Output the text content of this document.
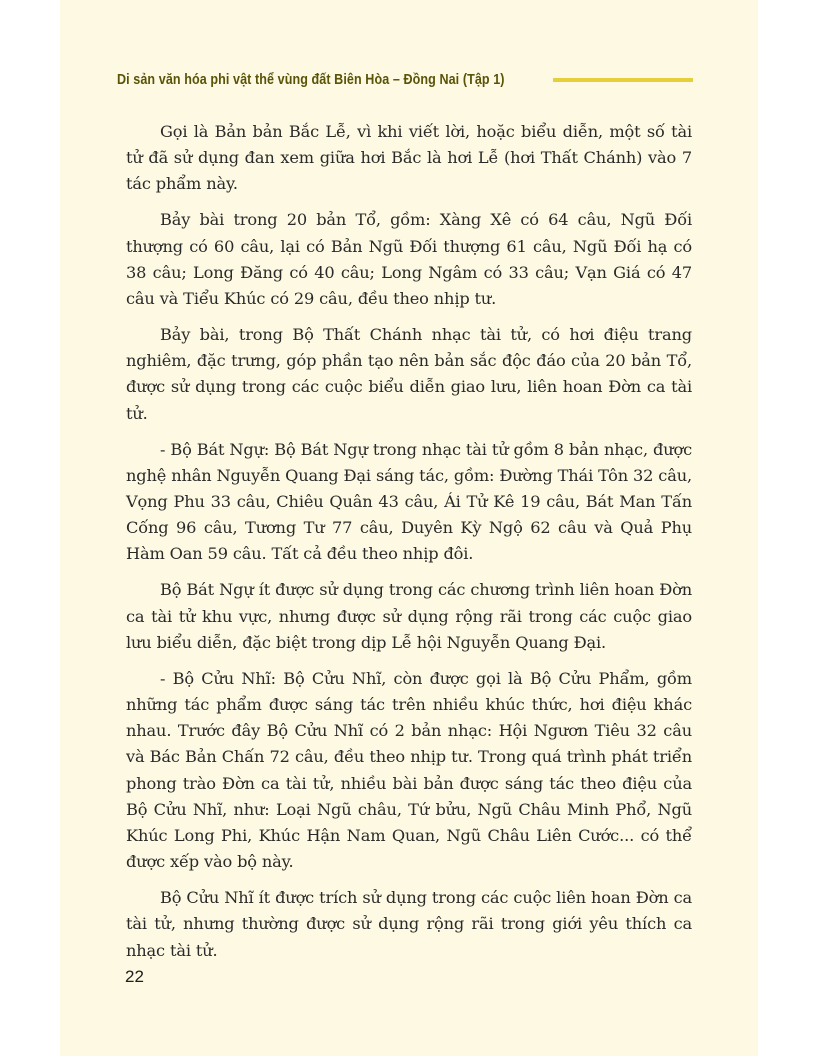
Di sản văn hóa phi vật thể vùng đất Biên Hòa – Đồng Nai (Tập 1)

Gọi là Bản bản Bắc Lễ, vì khi viết lời, hoặc biểu diễn, một số tài tử đã sử dụng đan xem giữa hơi Bắc là hơi Lễ (hơi Thất Chánh) vào 7 tác phẩm này.

Bảy bài trong 20 bản Tổ, gồm: Xàng Xê có 64 câu, Ngũ Đối thượng có 60 câu, lại có Bản Ngũ Đối thượng 61 câu, Ngũ Đối hạ có 38 câu; Long Đăng có 40 câu; Long Ngâm có 33 câu; Vạn Giá có 47 câu và Tiểu Khúc có 29 câu, đều theo nhịp tư.

Bảy bài, trong Bộ Thất Chánh nhạc tài tử, có hơi điệu trang nghiêm, đặc trưng, góp phần tạo nên bản sắc độc đáo của 20 bản Tổ, được sử dụng trong các cuộc biểu diễn giao lưu, liên hoan Đờn ca tài tử.

- Bộ Bát Ngự: Bộ Bát Ngự trong nhạc tài tử gồm 8 bản nhạc, được nghệ nhân Nguyễn Quang Đại sáng tác, gồm: Đường Thái Tôn 32 câu, Vọng Phu 33 câu, Chiêu Quân 43 câu, Ái Tử Kê 19 câu, Bát Man Tấn Cống 96 câu, Tương Tư 77 câu, Duyên Kỳ Ngộ 62 câu và Quả Phụ Hàm Oan 59 câu. Tất cả đều theo nhịp đôi.

Bộ Bát Ngự ít được sử dụng trong các chương trình liên hoan Đờn ca tài tử khu vực, nhưng được sử dụng rộng rãi trong các cuộc giao lưu biểu diễn, đặc biệt trong dịp Lễ hội Nguyễn Quang Đại.

- Bộ Cửu Nhĩ: Bộ Cửu Nhĩ, còn được gọi là Bộ Cửu Phẩm, gồm những tác phẩm được sáng tác trên nhiều khúc thức, hơi điệu khác nhau. Trước đây Bộ Cửu Nhĩ có 2 bản nhạc: Hội Ngươn Tiêu 32 câu và Bác Bản Chấn 72 câu, đều theo nhịp tư. Trong quá trình phát triển phong trào Đờn ca tài tử, nhiều bài bản được sáng tác theo điệu của Bộ Cửu Nhĩ, như: Loại Ngũ châu, Tứ bửu, Ngũ Châu Minh Phổ, Ngũ Khúc Long Phi, Khúc Hận Nam Quan, Ngũ Châu Liên Cước... có thể được xếp vào bộ này.

Bộ Cửu Nhĩ ít được trích sử dụng trong các cuộc liên hoan Đờn ca tài tử, nhưng thường được sử dụng rộng rãi trong giới yêu thích ca nhạc tài tử.

22
